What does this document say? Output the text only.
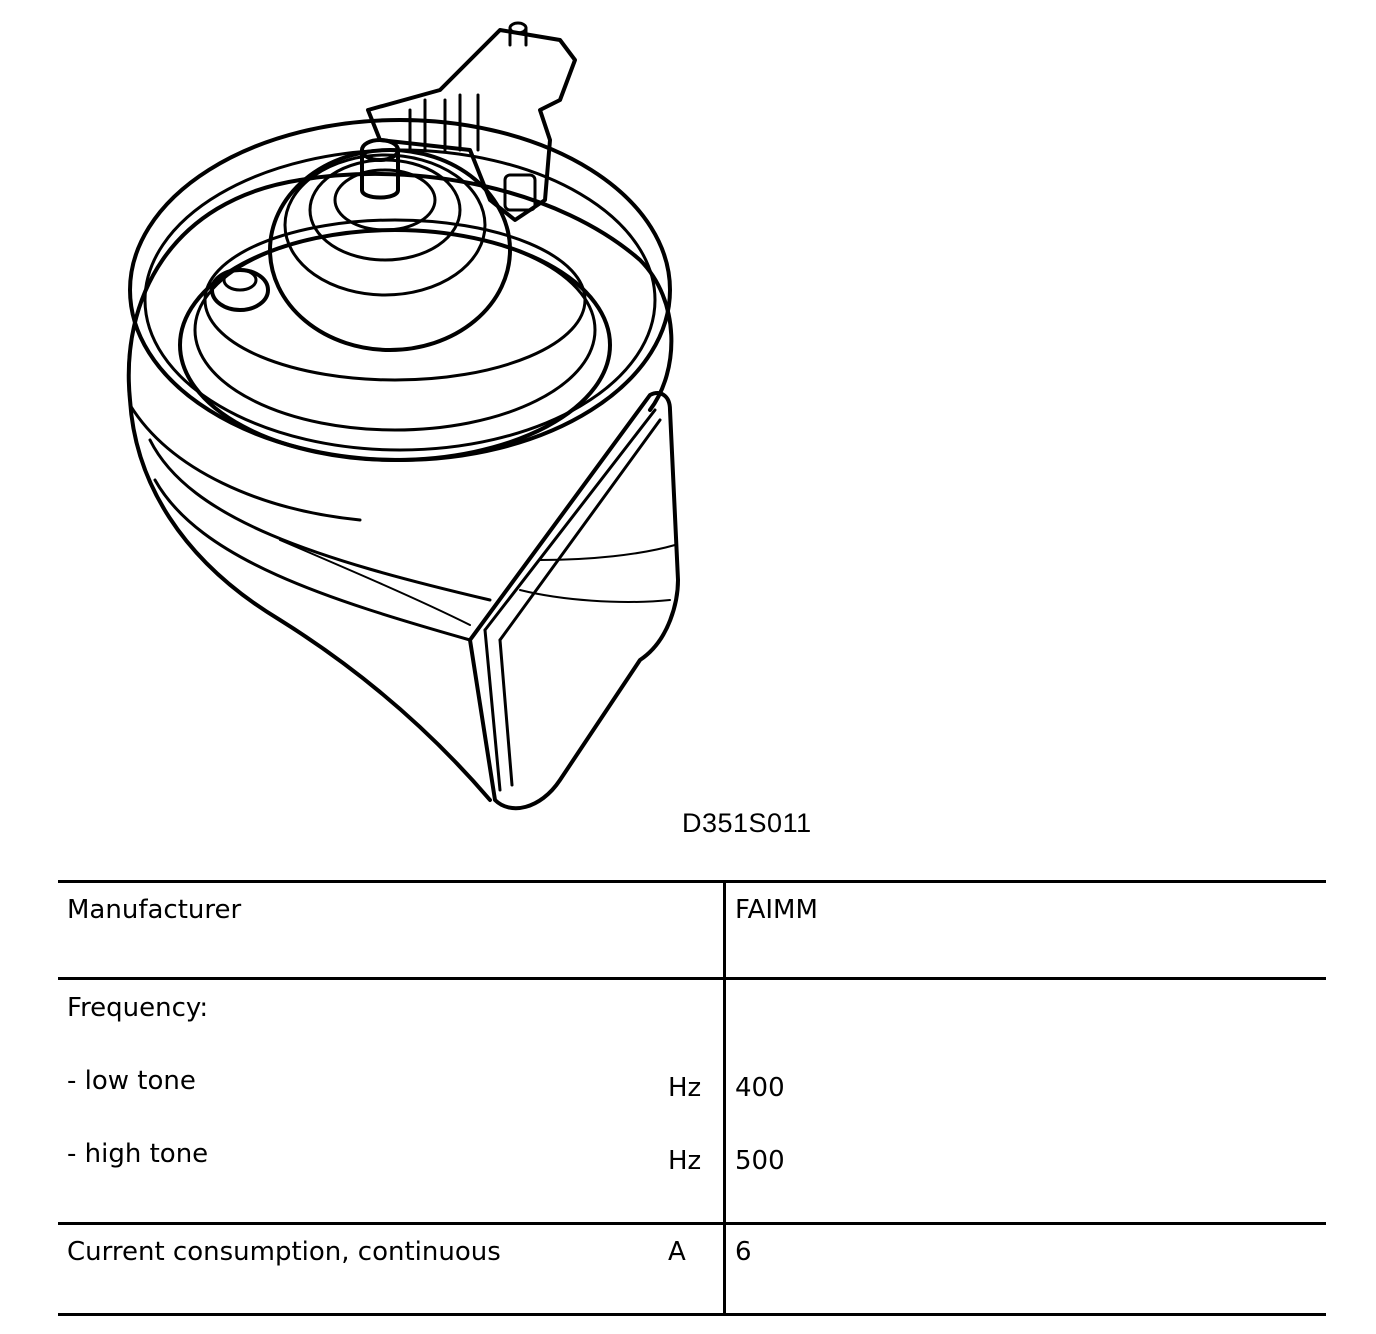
D351S011
Manufacturer	FAIMM
Frequency:
- low tone	Hz 400
- high tone	Hz 500
Current consumption, continuous	A 6
